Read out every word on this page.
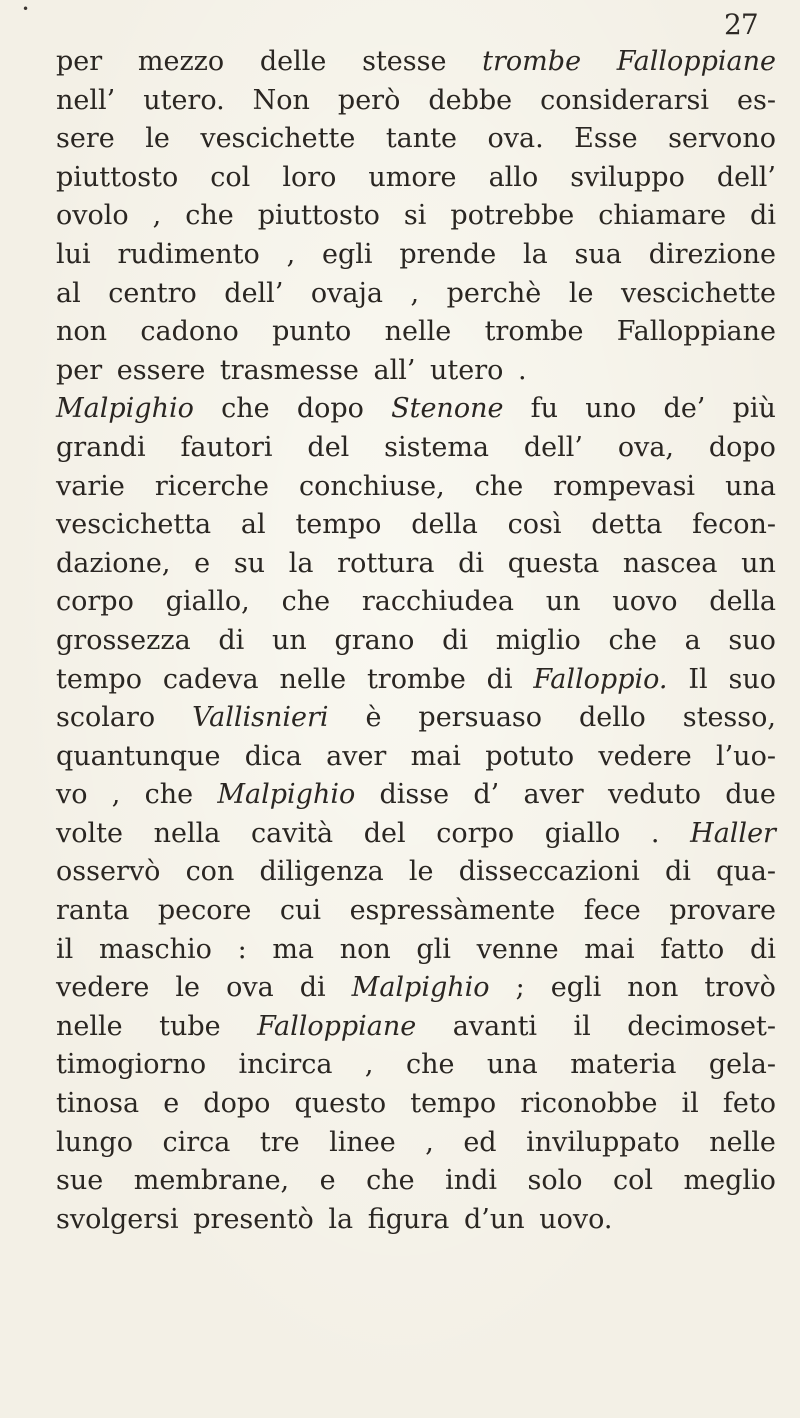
•	27
per mezzo delle stesse trombe Falloppiane
nell’ utero. Non però debbe considerarsi es-
sere le vescichette tante ova. Esse servono
piuttosto col loro umore allo sviluppo dell’
ovolo , che piuttosto si potrebbe chiamare di
lui rudimento , egli prende la sua direzione
al centro dell’ ovaja , perchè le vescichette
non cadono punto nelle trombe Falloppiane
per
essere
trasmesse
all’
utero
.
Malpighio che dopo Stenone fu uno de’ più
grandi fautori del sistema dell’ ova, dopo
varie ricerche conchiuse, che rompevasi una
vescichetta al tempo della così detta fecon-
dazione, e su la rottura di questa nascea un
corpo giallo, che racchiudea un uovo della
grossezza di un grano di miglio che a suo
tempo cadeva nelle trombe di Falloppio. Il suo
scolaro Vallisnieri è persuaso dello stesso,
quantunque dica aver mai potuto vedere l’uo-
vo , che Malpighio disse d’ aver veduto due
volte nella cavità del corpo giallo . Haller
osservò con diligenza le disseccazioni di qua-
ranta pecore cui espressàmente fece provare
il maschio : ma non gli venne mai fatto di
vedere le ova di Malpighio ; egli non trovò
nelle tube Falloppiane avanti il decimoset-
timogiorno incirca , che una materia gela-
tinosa e dopo questo tempo riconobbe il feto
lungo circa tre linee , ed inviluppato nelle
sue membrane, e che indi solo col meglio
svolgersi
presentò
la
figura
d’un
uovo.
